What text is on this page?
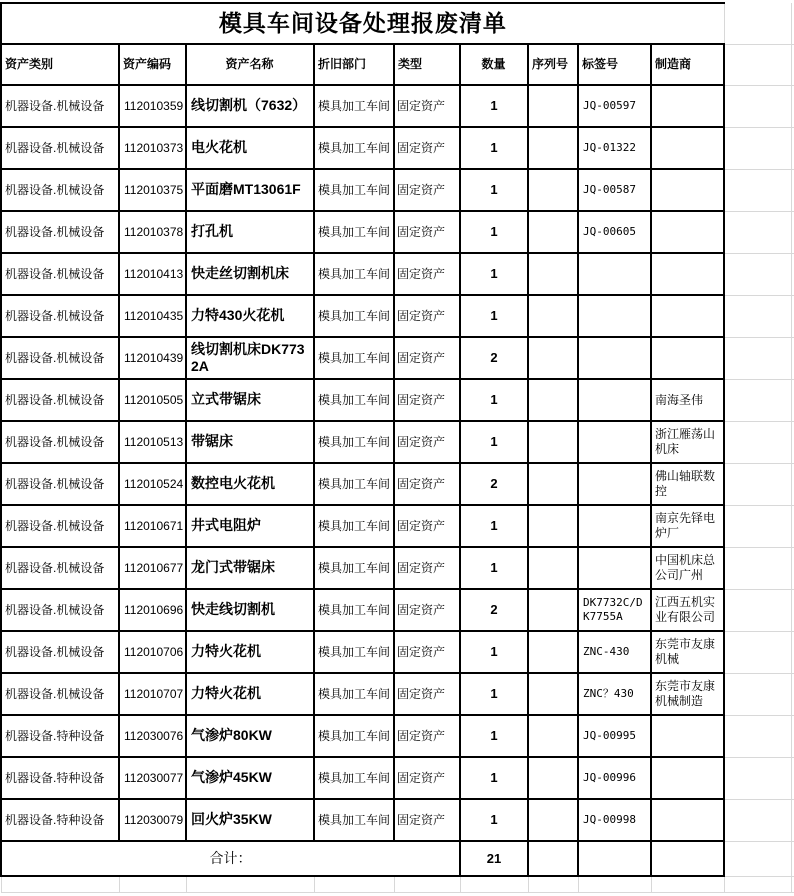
模具车间设备处理报废清单										
资产类别	资产编码	资产名称	折旧部门	类型	数量	序列号	标签号	制造商		
机器设备.机械设备	112010359	线切割机（7632）	模具加工车间	固定资产	1		JQ-00597			
机器设备.机械设备	112010373	电火花机	模具加工车间	固定资产	1		JQ-01322			
机器设备.机械设备	112010375	平面磨MT13061F	模具加工车间	固定资产	1		JQ-00587			
机器设备.机械设备	112010378	打孔机	模具加工车间	固定资产	1		JQ-00605			
机器设备.机械设备	112010413	快走丝切割机床	模具加工车间	固定资产	1					
机器设备.机械设备	112010435	力特430火花机	模具加工车间	固定资产	1					
机器设备.机械设备	112010439	线切割机床DK7732A	模具加工车间	固定资产	2					
机器设备.机械设备	112010505	立式带锯床	模具加工车间	固定资产	1			南海圣伟		
机器设备.机械设备	112010513	带锯床	模具加工车间	固定资产	1			浙江雁荡山机床		
机器设备.机械设备	112010524	数控电火花机	模具加工车间	固定资产	2			佛山轴联数控		
机器设备.机械设备	112010671	井式电阻炉	模具加工车间	固定资产	1			南京先铎电炉厂		
机器设备.机械设备	112010677	龙门式带锯床	模具加工车间	固定资产	1			中国机床总公司广州		
机器设备.机械设备	112010696	快走线切割机	模具加工车间	固定资产	2		DK7732C/DK7755A	江西五机实业有限公司		
机器设备.机械设备	112010706	力特火花机	模具加工车间	固定资产	1		ZNC-430	东莞市友康机械		
机器设备.机械设备	112010707	力特火花机	模具加工车间	固定资产	1		ZNC？430	东莞市友康机械制造		
机器设备.特种设备	112030076	气渗炉80KW	模具加工车间	固定资产	1		JQ-00995			
机器设备.特种设备	112030077	气渗炉45KW	模具加工车间	固定资产	1		JQ-00996			
机器设备.特种设备	112030079	回火炉35KW	模具加工车间	固定资产	1		JQ-00998			
合计：					21					
